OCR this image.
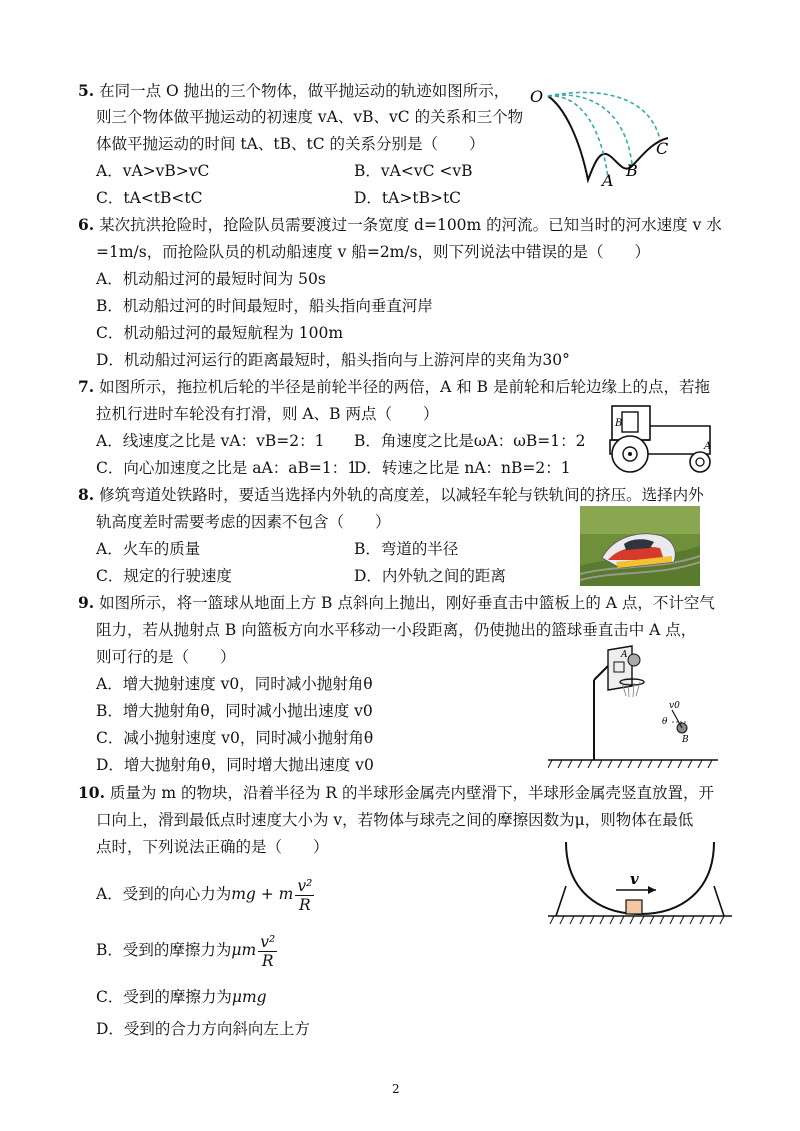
5. 在同一点 O 抛出的三个物体，做平抛运动的轨迹如图所示，
则三个物体做平抛运动的初速度 vA、vB、vC 的关系和三个物
体做平抛运动的时间 tA、tB、tC 的关系分别是（　　）
A．vA>vB>vC	B．vA<vC <vB
C．tA<tB<tC	D．tA>tB>tC
O
A
B
C
6. 某次抗洪抢险时，抢险队员需要渡过一条宽度 d=100m 的河流。已知当时的河水速度 v 水
=1m/s，而抢险队员的机动船速度 v 船=2m/s，则下列说法中错误的是（　　）
A．机动船过河的最短时间为 50s
B．机动船过河的时间最短时，船头指向垂直河岸
C．机动船过河的最短航程为 100m
D．机动船过河运行的距离最短时，船头指向与上游河岸的夹角为30°
7. 如图所示，拖拉机后轮的半径是前轮半径的两倍，A 和 B 是前轮和后轮边缘上的点，若拖
拉机行进时车轮没有打滑，则 A、B 两点（　　）
A．线速度之比是 vA：vB=2：1 B．角速度之比是ωA：ωB=1：2
C．向心加速度之比是 aA：aB=1：1
D．转速之比是 nA：nB=2：1
B
A
8. 修筑弯道处铁路时，要适当选择内外轨的高度差，以减轻车轮与铁轨间的挤压。选择内外
轨高度差时需要考虑的因素不包含（　　）
A．火车的质量	B．弯道的半径
C．规定的行驶速度	D．内外轨之间的距离
9. 如图所示，将一篮球从地面上方 B 点斜向上抛出，刚好垂直击中篮板上的 A 点，不计空气
阻力，若从抛射点 B 向篮板方向水平移动一小段距离，仍使抛出的篮球垂直击中 A 点，
则可行的是（　　）
A．增大抛射速度 v0，同时减小抛射角θ
B．增大抛射角θ，同时减小抛出速度 v0
C．减小抛射速度 v0，同时减小抛射角θ
D．增大抛射角θ，同时增大抛出速度 v0
A
v0
θ
B
10. 质量为 m 的物块，沿着半径为 R 的半球形金属壳内壁滑下，半球形金属壳竖直放置，开
口向上，滑到最低点时速度大小为 v，若物体与球壳之间的摩擦因数为μ，则物体在最低
点时，下列说法正确的是（　　）
A．受到的向心力为mg + m $\frac{\text{v²}}{R}$
B．受到的摩擦力为μm $\frac{\text{v²}}{R}$
C．受到的摩擦力为μmg
D．受到的合力方向斜向左上方
v
2
